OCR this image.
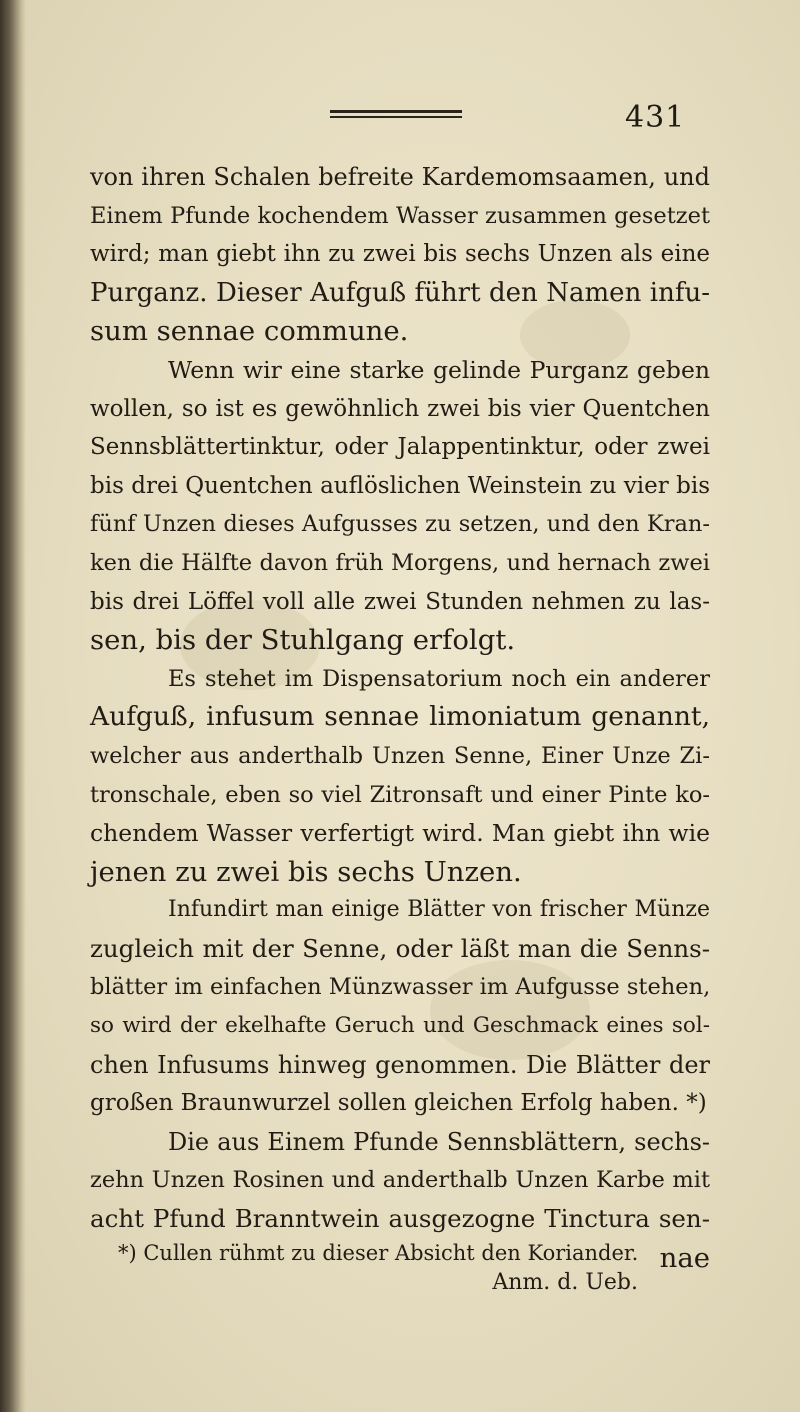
431
von ihren Schalen befreite Kardemomsaamen, und
Einem Pfunde kochendem Wasser zusammen gesetzet
wird; man giebt ihn zu zwei bis sechs Unzen als eine
Purganz. Dieser Aufguß führt den Namen infu-
sum sennae commune.
Wenn wir eine starke gelinde Purganz geben
wollen, so ist es gewöhnlich zwei bis vier Quentchen
Sennsblättertinktur, oder Jalappentinktur, oder zwei
bis drei Quentchen auflöslichen Weinstein zu vier bis
fünf Unzen dieses Aufgusses zu setzen, und den Kran-
ken die Hälfte davon früh Morgens, und hernach zwei
bis drei Löffel voll alle zwei Stunden nehmen zu las-
sen, bis der Stuhlgang erfolgt.
Es stehet im Dispensatorium noch ein anderer
Aufguß, infusum sennae limoniatum genannt,
welcher aus anderthalb Unzen Senne, Einer Unze Zi-
tronschale, eben so viel Zitronsaft und einer Pinte ko-
chendem Wasser verfertigt wird. Man giebt ihn wie
jenen zu zwei bis sechs Unzen.
Infundirt man einige Blätter von frischer Münze
zugleich mit der Senne, oder läßt man die Senns-
blätter im einfachen Münzwasser im Aufgusse stehen,
so wird der ekelhafte Geruch und Geschmack eines sol-
chen Infusums hinweg genommen. Die Blätter der
großen Braunwurzel sollen gleichen Erfolg haben. *)
Die aus Einem Pfunde Sennsblättern, sechs-
zehn Unzen Rosinen und anderthalb Unzen Karbe mit
acht Pfund Branntwein ausgezogne Tinctura sen-
nae
*) Cullen rühmt zu dieser Absicht den Koriander.
Anm. d. Ueb.
